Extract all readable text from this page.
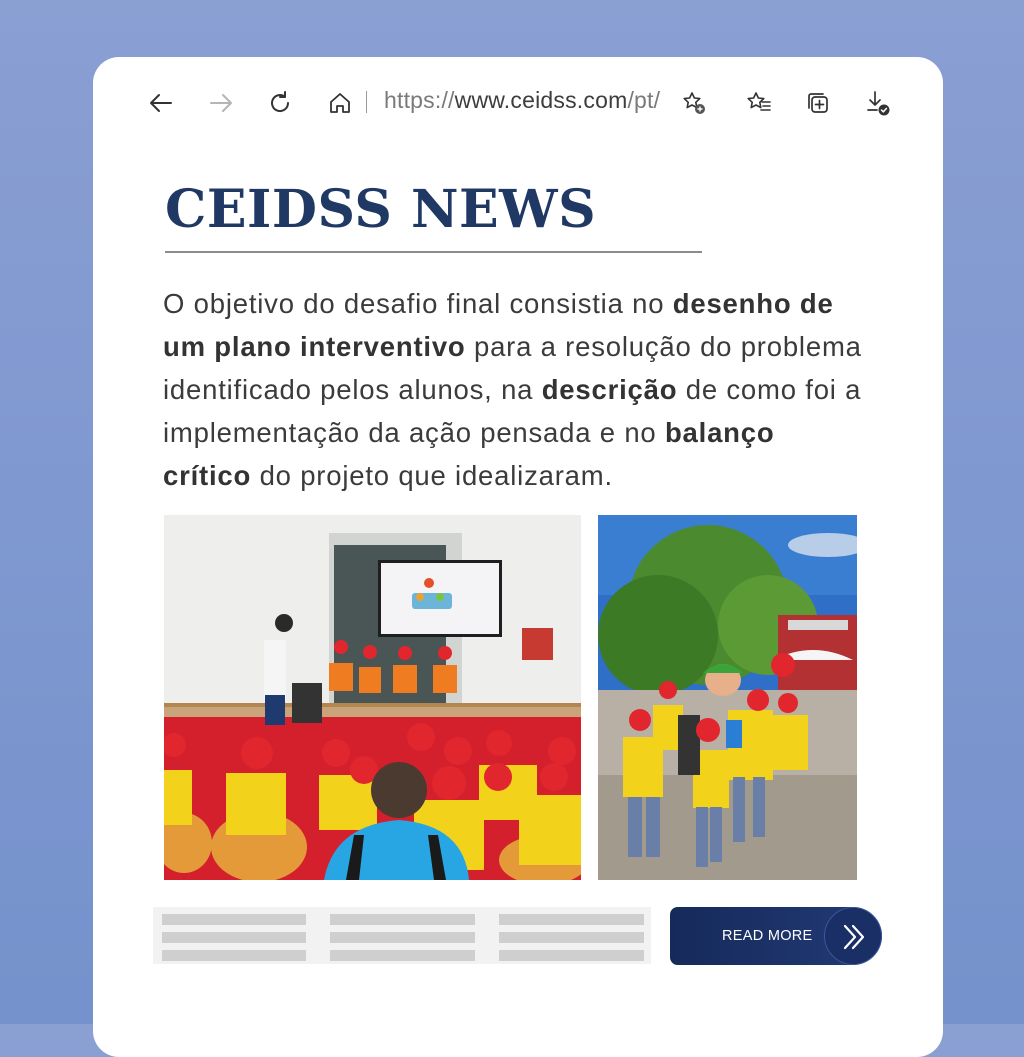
https://www.ceidss.com/pt/
CEIDSS NEWS

O objetivo do desafio final consistia no desenho de um plano interventivo para a resolução do problema identificado pelos alunos, na descrição de como foi a implementação da ação pensada e no balanço crítico do projeto que idealizaram.

READ MORE
